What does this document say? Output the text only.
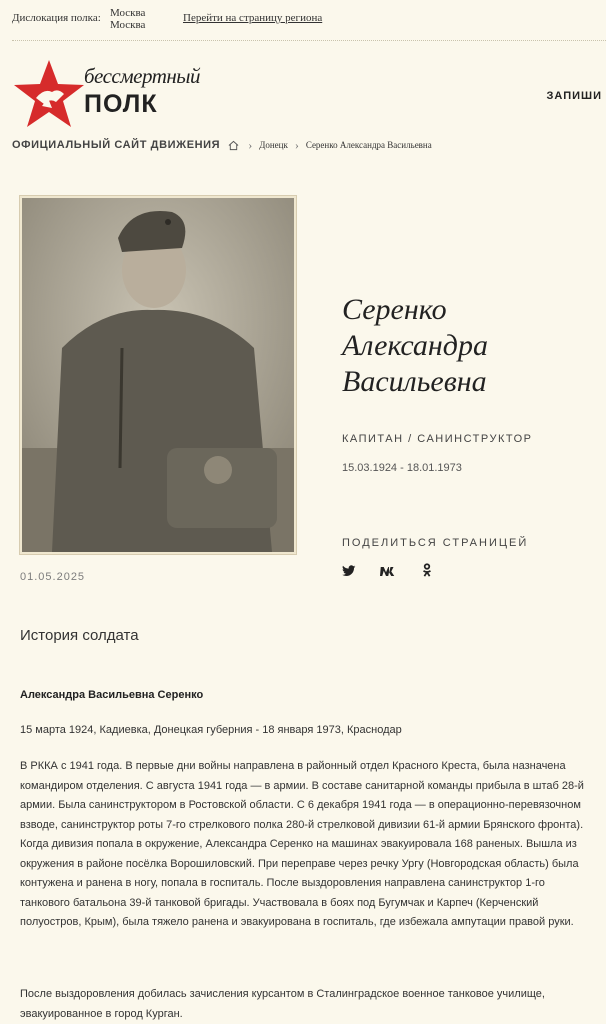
Дислокация полка: Москва
Москва
Перейти на страницу региона
бессмертный
ПОЛК	ЗАПИШИ
ОФИЦИАЛЬНЫЙ САЙТ ДВИЖЕНИЯ › Донецк › Серенко Александра Васильевна
Серенко
Александра
Васильевна
КАПИТАН / САНИНСТРУКТОР
15.03.1924 - 18.01.1973
ПОДЕЛИТЬСЯ СТРАНИЦЕЙ
01.05.2025
История солдата
Александра Васильевна Серенко

15 марта 1924, Кадиевка, Донецкая губерния - 18 января 1973, Краснодар

В РККА с 1941 года. В первые дни войны направлена в районный отдел Красного Креста, была назначена командиром отделения. С августа 1941 года — в армии. В составе санитарной команды прибыла в штаб 28-й армии. Была санинструктором в Ростовской области. С 6 декабря 1941 года — в операционно-перевязочном взводе, санинструктор роты 7-го стрелкового полка 280-й стрелковой дивизии 61-й армии Брянского фронта). Когда дивизия попала в окружение, Александра Серенко на машинах эвакуировала 168 раненых. Вышла из окружения в районе посёлка Ворошиловский. При переправе через речку Ургу (Новгородская область) была контужена и ранена в ногу, попала в госпиталь. После выздоровления направлена санинструктор 1-го танкового батальона 39-й танковой бригады. Участвовала в боях под Бугумчак и Карпеч (Керченский полуостров, Крым), была тяжело ранена и эвакуирована в госпиталь, где избежала ампутации правой руки.

После выздоровления добилась зачисления курсантом в Сталинградское военное танковое училище, эвакуированное в город Курган.
